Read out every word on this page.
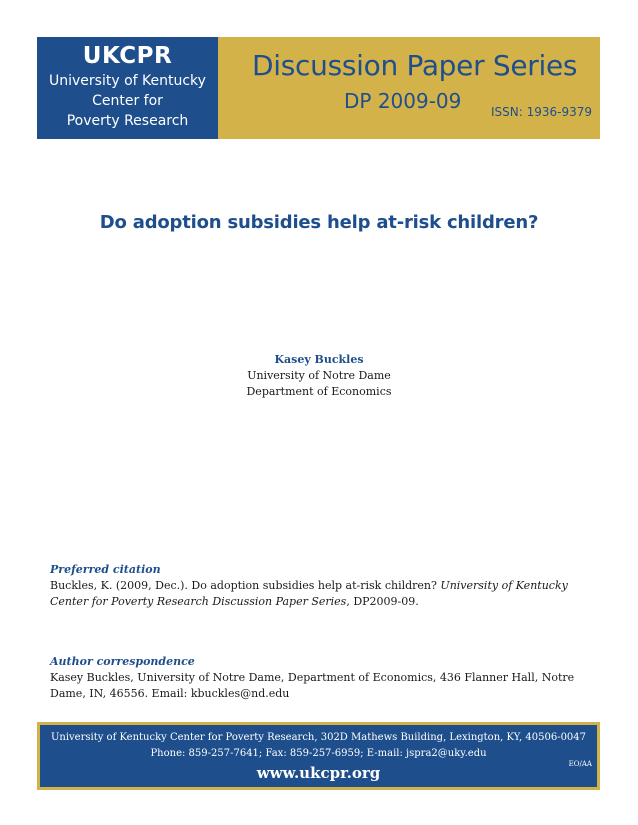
UKCPR
University of Kentucky
Center for
Poverty Research
Discussion Paper Series
DP 2009-09 ISSN: 1936-9379
Do adoption subsidies help at-risk children?
Kasey Buckles
University of Notre Dame
Department of Economics
Preferred citation
Buckles, K. (2009, Dec.). Do adoption subsidies help at-risk children? University of Kentucky Center for Poverty Research Discussion Paper Series, DP2009-09.
Author correspondence
Kasey Buckles, University of Notre Dame, Department of Economics, 436 Flanner Hall, Notre Dame, IN, 46556. Email: kbuckles@nd.edu
University of Kentucky Center for Poverty Research, 302D Mathews Building, Lexington, KY, 40506-0047
Phone: 859-257-7641; Fax: 859-257-6959; E-mail: jspra2@uky.edu
www.ukcpr.org	EO/AA
